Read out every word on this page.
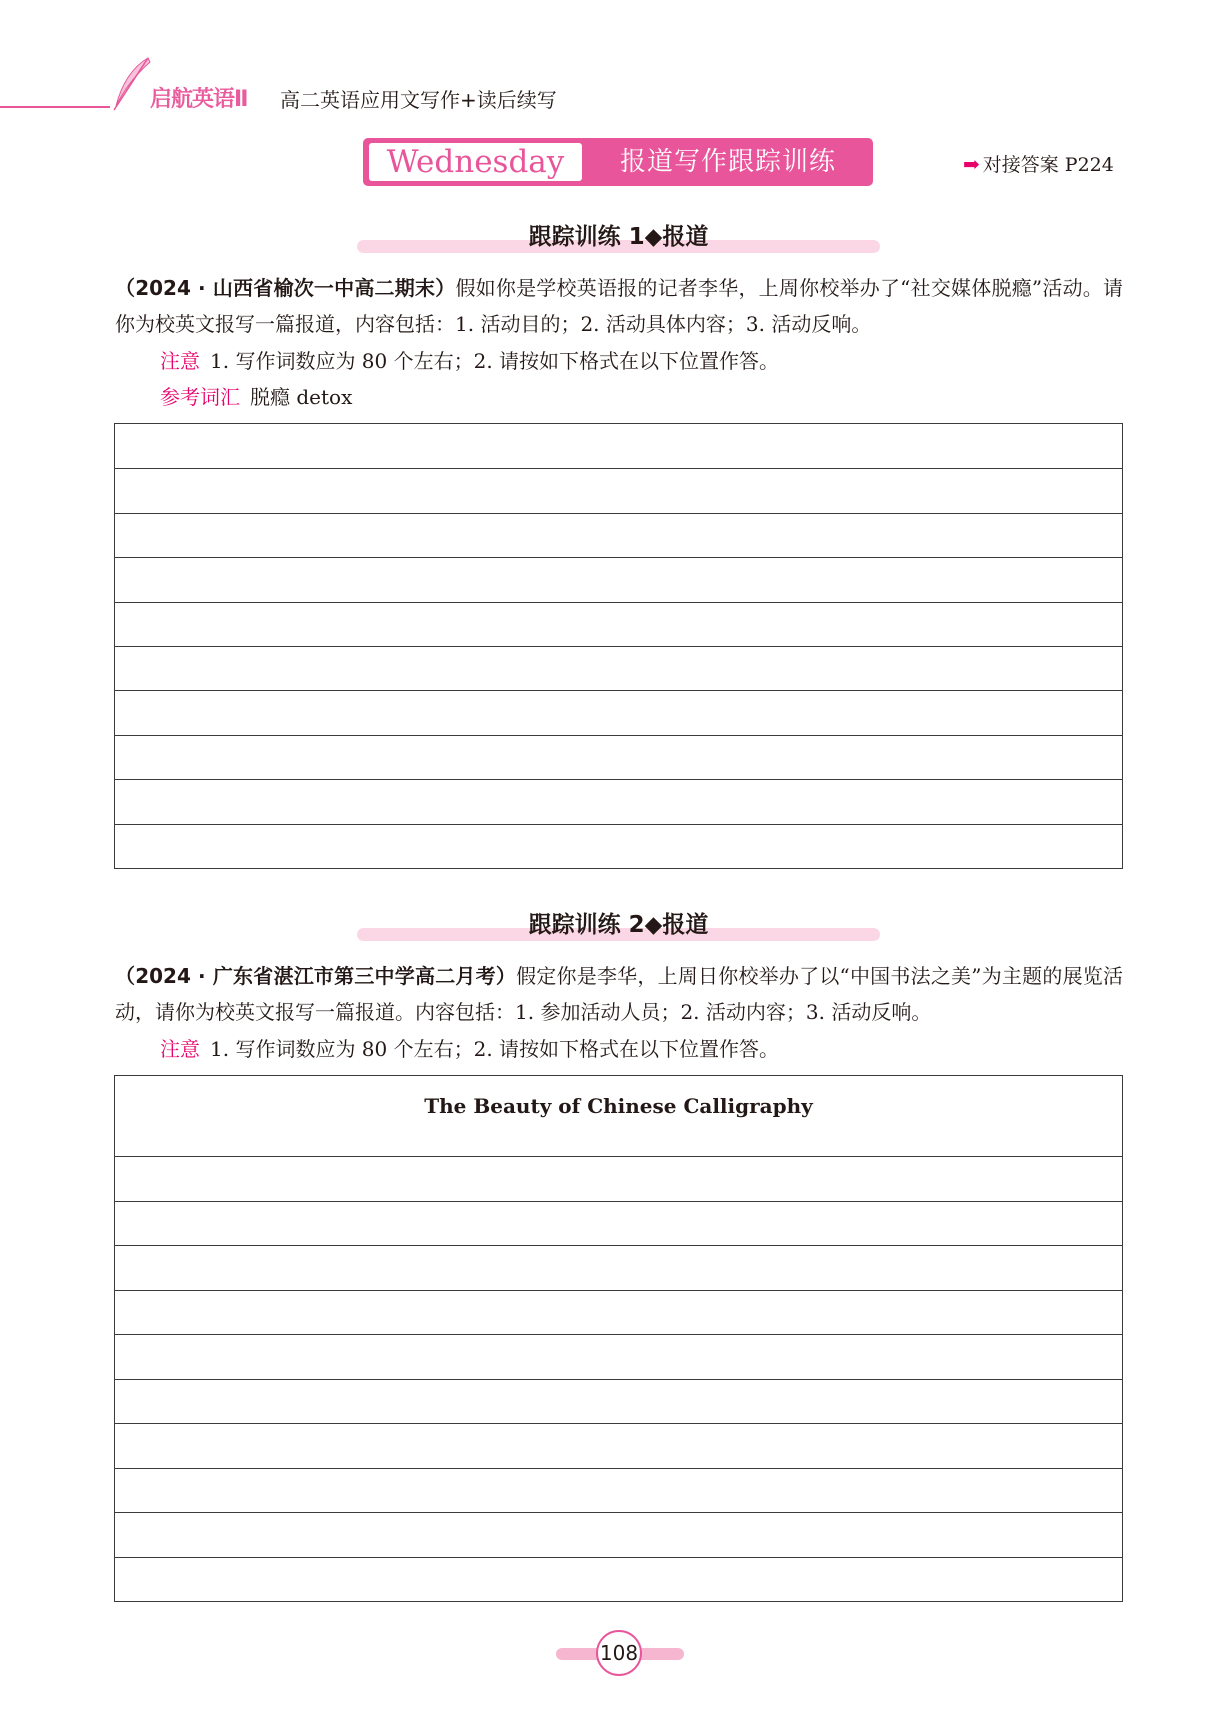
启航英语Ⅱ 高二英语应用文写作+读后续写
Wednesday	报道写作跟踪训练	➡ 对接答案 P224
跟踪训练 1◆报道

（2024 · 山西省榆次一中高二期末）假如你是学校英语报的记者李华，上周你校举办了“社交媒体脱瘾”活动。请你为校英文报写一篇报道，内容包括：1. 活动目的；2. 活动具体内容；3. 活动反响。

注意 1. 写作词数应为 80 个左右；2. 请按如下格式在以下位置作答。
参考词汇 脱瘾 detox
跟踪训练 2◆报道

（2024 · 广东省湛江市第三中学高二月考）假定你是李华，上周日你校举办了以“中国书法之美”为主题的展览活动，请你为校英文报写一篇报道。内容包括：1. 参加活动人员；2. 活动内容；3. 活动反响。

注意 1. 写作词数应为 80 个左右；2. 请按如下格式在以下位置作答。
The Beauty of Chinese Calligraphy
108
